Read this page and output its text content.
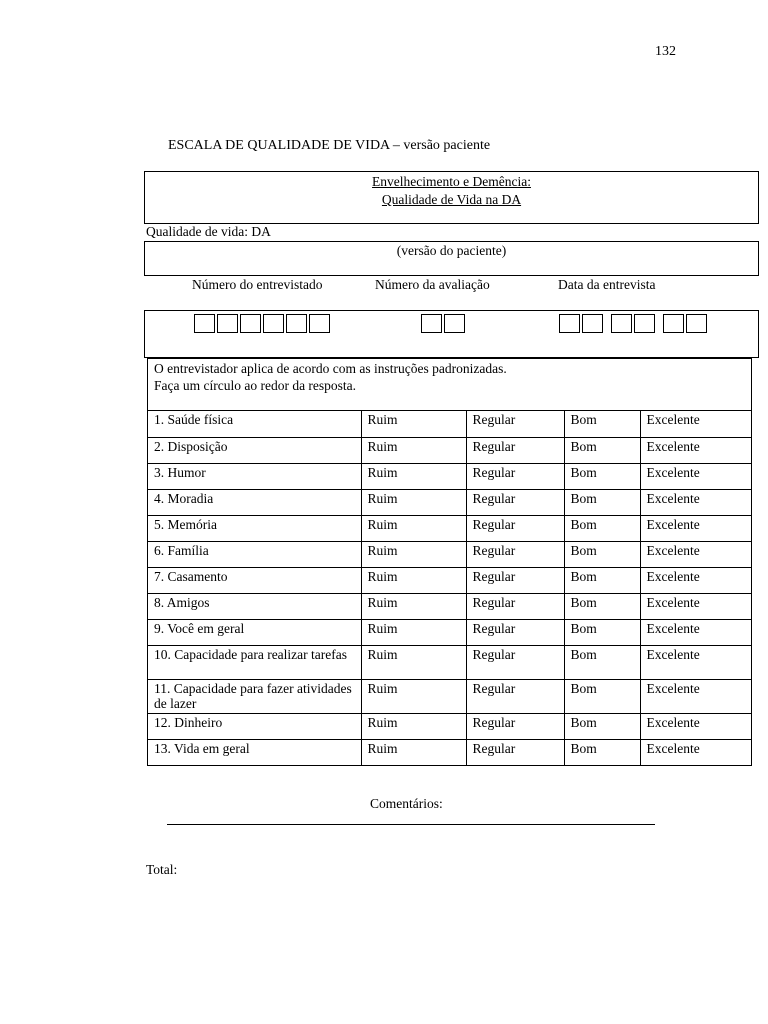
132
ESCALA DE QUALIDADE DE VIDA – versão paciente
Envelhecimento e Demência:
Qualidade de Vida na DA
Qualidade de vida: DA
(versão do paciente)
Número do entrevistado	Número da avaliação	Data da entrevista
O entrevistador aplica de acordo com as instruções padronizadas.
Faça um círculo ao redor da resposta.
1. Saúde física	Ruim	Regular	Bom	Excelente
2. Disposição	Ruim	Regular	Bom	Excelente
3. Humor	Ruim	Regular	Bom	Excelente
4. Moradia	Ruim	Regular	Bom	Excelente
5. Memória	Ruim	Regular	Bom	Excelente
6. Família	Ruim	Regular	Bom	Excelente
7. Casamento	Ruim	Regular	Bom	Excelente
8. Amigos	Ruim	Regular	Bom	Excelente
9. Você em geral	Ruim	Regular	Bom	Excelente
10. Capacidade para realizar tarefas	Ruim	Regular	Bom	Excelente
11. Capacidade para fazer atividades de lazer	Ruim	Regular	Bom	Excelente
12. Dinheiro	Ruim	Regular	Bom	Excelente
13. Vida em geral	Ruim	Regular	Bom	Excelente
Comentários:
Total:
